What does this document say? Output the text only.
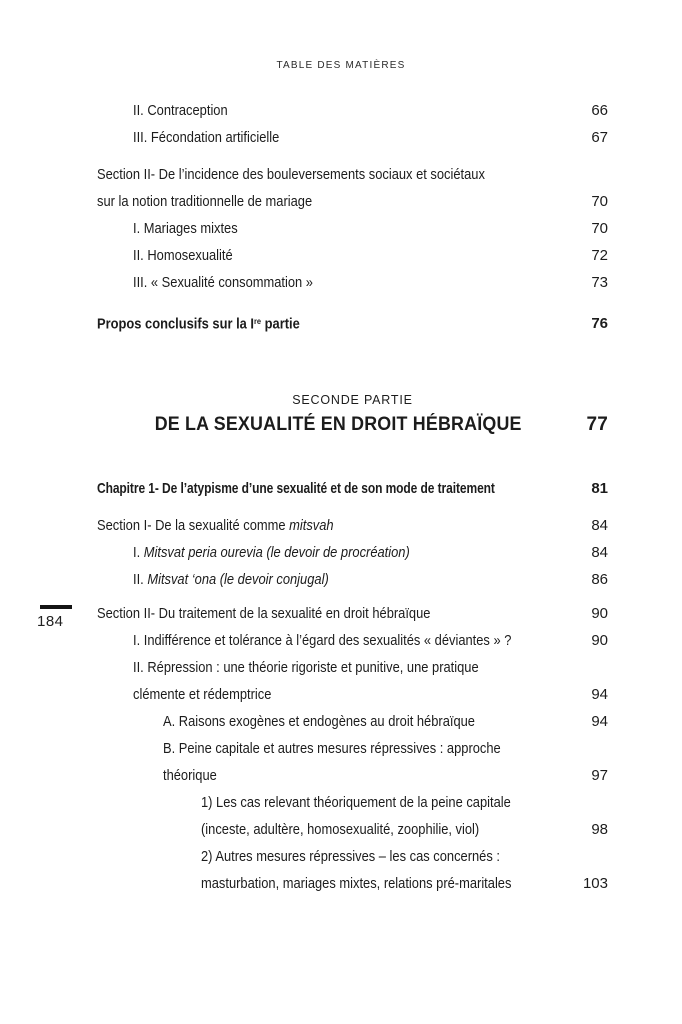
TABLE DES MATIÈRES
184
II. Contraception	66
III. Fécondation artificielle	67
Section II- De l’incidence des bouleversements sociaux et sociétaux
sur la notion traditionnelle de mariage	70
I. Mariages mixtes	70
II. Homosexualité	72
III. « Sexualité consommation »	73
Propos conclusifs sur la Ire partie	76
SECONDE PARTIE
DE LA SEXUALITÉ EN DROIT HÉBRAÏQUE	77
Chapitre 1- De l’atypisme d’une sexualité et de son mode de traitement	81
Section I- De la sexualité comme mitsvah	84
I. Mitsvat peria ourevia (le devoir de procréation)	84
II. Mitsvat ‘ona (le devoir conjugal)	86
Section II- Du traitement de la sexualité en droit hébraïque	90
I. Indifférence et tolérance à l’égard des sexualités « déviantes » ?	90
II. Répression : une théorie rigoriste et punitive, une pratique
clémente et rédemptrice	94
A. Raisons exogènes et endogènes au droit hébraïque	94
B. Peine capitale et autres mesures répressives : approche
théorique	97
1) Les cas relevant théoriquement de la peine capitale
(inceste, adultère, homosexualité, zoophilie, viol)	98
2) Autres mesures répressives – les cas concernés :
masturbation, mariages mixtes, relations pré-maritales	103
